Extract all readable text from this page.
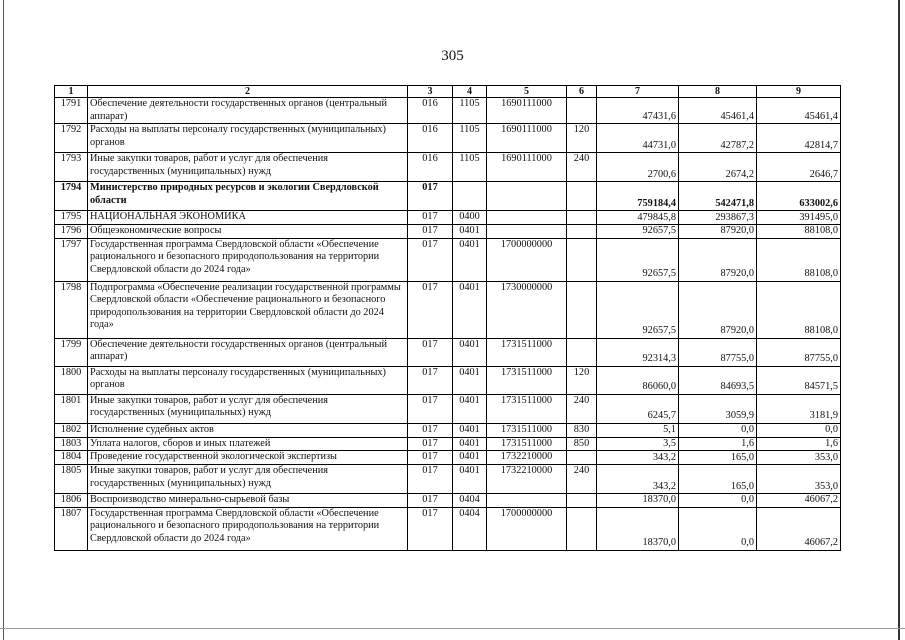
305
1	2	3	4	5	6	7	8	9
1791	Обеспечение деятельности государственных органов (центральный аппарат)	016	1105	1690111000		47431,6	45461,4	45461,4
1792	Расходы на выплаты персоналу государственных (муниципальных) органов	016	1105	1690111000	120	44731,0	42787,2	42814,7
1793	Иные закупки товаров, работ и услуг для обеспечения государственных (муниципальных) нужд	016	1105	1690111000	240	2700,6	2674,2	2646,7
1794	Министерство природных ресурсов и экологии Свердловской области	017				759184,4	542471,8	633002,6
1795	НАЦИОНАЛЬНАЯ ЭКОНОМИКА	017	0400			479845,8	293867,3	391495,0
1796	Общеэкономические вопросы	017	0401			92657,5	87920,0	88108,0
1797	Государственная программа Свердловской области «Обеспечение рационального и безопасного природопользования на территории Свердловской области до 2024 года»	017	0401	1700000000		92657,5	87920,0	88108,0
1798	Подпрограмма «Обеспечение реализации государственной программы Свердловской области «Обеспечение рационального и безопасного природопользования на территории Свердловской области до 2024 года»	017	0401	1730000000		92657,5	87920,0	88108,0
1799	Обеспечение деятельности государственных органов (центральный аппарат)	017	0401	1731511000		92314,3	87755,0	87755,0
1800	Расходы на выплаты персоналу государственных (муниципальных) органов	017	0401	1731511000	120	86060,0	84693,5	84571,5
1801	Иные закупки товаров, работ и услуг для обеспечения государственных (муниципальных) нужд	017	0401	1731511000	240	6245,7	3059,9	3181,9
1802	Исполнение судебных актов	017	0401	1731511000	830	5,1	0,0	0,0
1803	Уплата налогов, сборов и иных платежей	017	0401	1731511000	850	3,5	1,6	1,6
1804	Проведение государственной экологической экспертизы	017	0401	1732210000		343,2	165,0	353,0
1805	Иные закупки товаров, работ и услуг для обеспечения государственных (муниципальных) нужд	017	0401	1732210000	240	343,2	165,0	353,0
1806	Воспроизводство минерально-сырьевой базы	017	0404			18370,0	0,0	46067,2
1807	Государственная программа Свердловской области «Обеспечение рационального и безопасного природопользования на территории Свердловской области до 2024 года»	017	0404	1700000000		18370,0	0,0	46067,2
